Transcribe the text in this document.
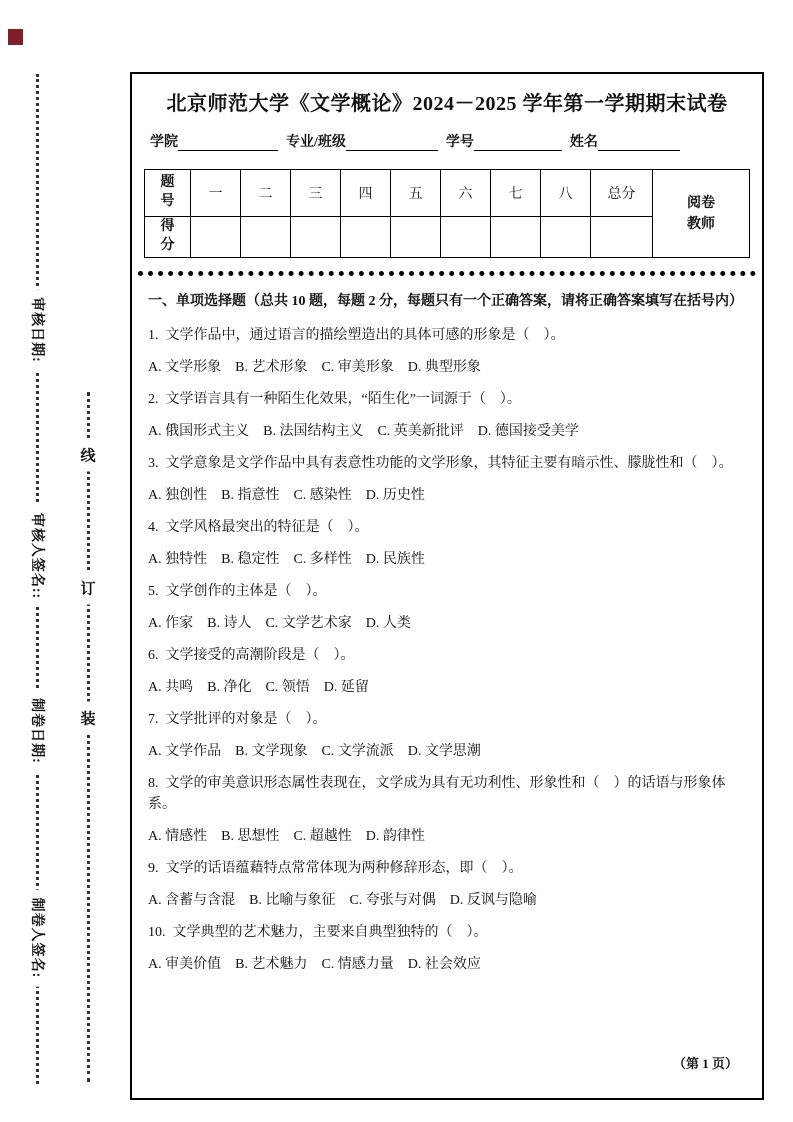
审核日期:
审核人签名::
制卷日期:
制卷人签名:
线
订
装
北京师范大学《文学概论》2024－2025 学年第一学期期末试卷
学院	专业/班级	学号	姓名
题号	一	二	三	四	五	六	七	八	总分	阅卷教师
得分										

一、单项选择题（总共 10 题，每题 2 分，每题只有一个正确答案，请将正确答案填写在括号内）

1.  文学作品中，通过语言的描绘塑造出的具体可感的形象是（　）。

A. 文学形象　B. 艺术形象　C. 审美形象　D. 典型形象

2.  文学语言具有一种陌生化效果，“陌生化”一词源于（　）。

A. 俄国形式主义　B. 法国结构主义　C. 英美新批评　D. 德国接受美学

3.  文学意象是文学作品中具有表意性功能的文学形象，其特征主要有暗示性、朦胧性和（　）。

A. 独创性　B. 指意性　C. 感染性　D. 历史性

4.  文学风格最突出的特征是（　）。

A. 独特性　B. 稳定性　C. 多样性　D. 民族性

5.  文学创作的主体是（　）。

A. 作家　B. 诗人　C. 文学艺术家　D. 人类

6.  文学接受的高潮阶段是（　）。

A. 共鸣　B. 净化　C. 领悟　D. 延留

7.  文学批评的对象是（　）。

A. 文学作品　B. 文学现象　C. 文学流派　D. 文学思潮

8.  文学的审美意识形态属性表现在，文学成为具有无功利性、形象性和（　）的话语与形象体系。

A. 情感性　B. 思想性　C. 超越性　D. 韵律性

9.  文学的话语蕴藉特点常常体现为两种修辞形态，即（　）。

A. 含蓄与含混　B. 比喻与象征　C. 夸张与对偶　D. 反讽与隐喻

10.  文学典型的艺术魅力，主要来自典型独特的（　）。

A. 审美价值　B. 艺术魅力　C. 情感力量　D. 社会效应

（第 1 页）
